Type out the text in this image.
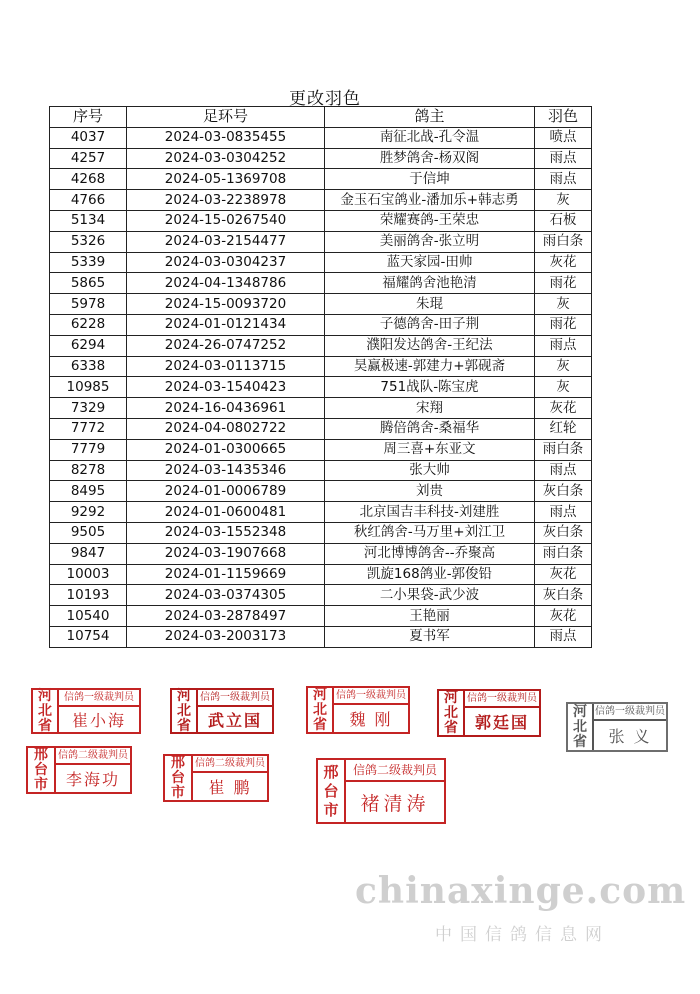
更改羽色
序号	足环号	鸽主	羽色
4037	2024-03-0835455	南征北战-孔令温	喷点
4257	2024-03-0304252	胜梦鸽舍-杨双阁	雨点
4268	2024-05-1369708	于信坤	雨点
4766	2024-03-2238978	金玉石宝鸽业-潘加乐+韩志勇	灰
5134	2024-15-0267540	荣耀赛鸽-王荣忠	石板
5326	2024-03-2154477	美丽鸽舍-张立明	雨白条
5339	2024-03-0304237	蓝天家园-田帅	灰花
5865	2024-04-1348786	福耀鸽舍池艳清	雨花
5978	2024-15-0093720	朱琨	灰
6228	2024-01-0121434	子德鸽舍-田子荆	雨花
6294	2024-26-0747252	濮阳发达鸽舍-王纪法	雨点
6338	2024-03-0113715	昊赢极速-郭建力+郭砚斋	灰
10985	2024-03-1540423	751战队-陈宝虎	灰
7329	2024-16-0436961	宋翔	灰花
7772	2024-04-0802722	腾倍鸽舍-桑福华	红轮
7779	2024-01-0300665	周三喜+东亚文	雨白条
8278	2024-03-1435346	张大帅	雨点
8495	2024-01-0006789	刘贵	灰白条
9292	2024-01-0600481	北京国吉丰科技-刘建胜	雨点
9505	2024-03-1552348	秋红鸽舍-马万里+刘江卫	灰白条
9847	2024-03-1907668	河北博博鸽舍--乔聚高	雨白条
10003	2024-01-1159669	凯旋168鸽业-郭俊铅	灰花
10193	2024-03-0374305	二小果袋-武少波	灰白条
10540	2024-03-2878497	王艳丽	灰花
10754	2024-03-2003173	夏书军	雨点
河
北
省
信鸽一级裁判员
崔小海
河
北
省
信鸽一级裁判员
武立国
河
北
省
信鸽一级裁判员
魏 刚
河
北
省
信鸽一级裁判员
郭廷国
河
北
省
信鸽一级裁判员
张 义
邢
台
市
信鸽二级裁判员
李海功
邢
台
市
信鸽二级裁判员
崔 鹏
邢
台
市
信鸽二级裁判员
褚清涛
chinaxinge.com
中国信鸽信息网
